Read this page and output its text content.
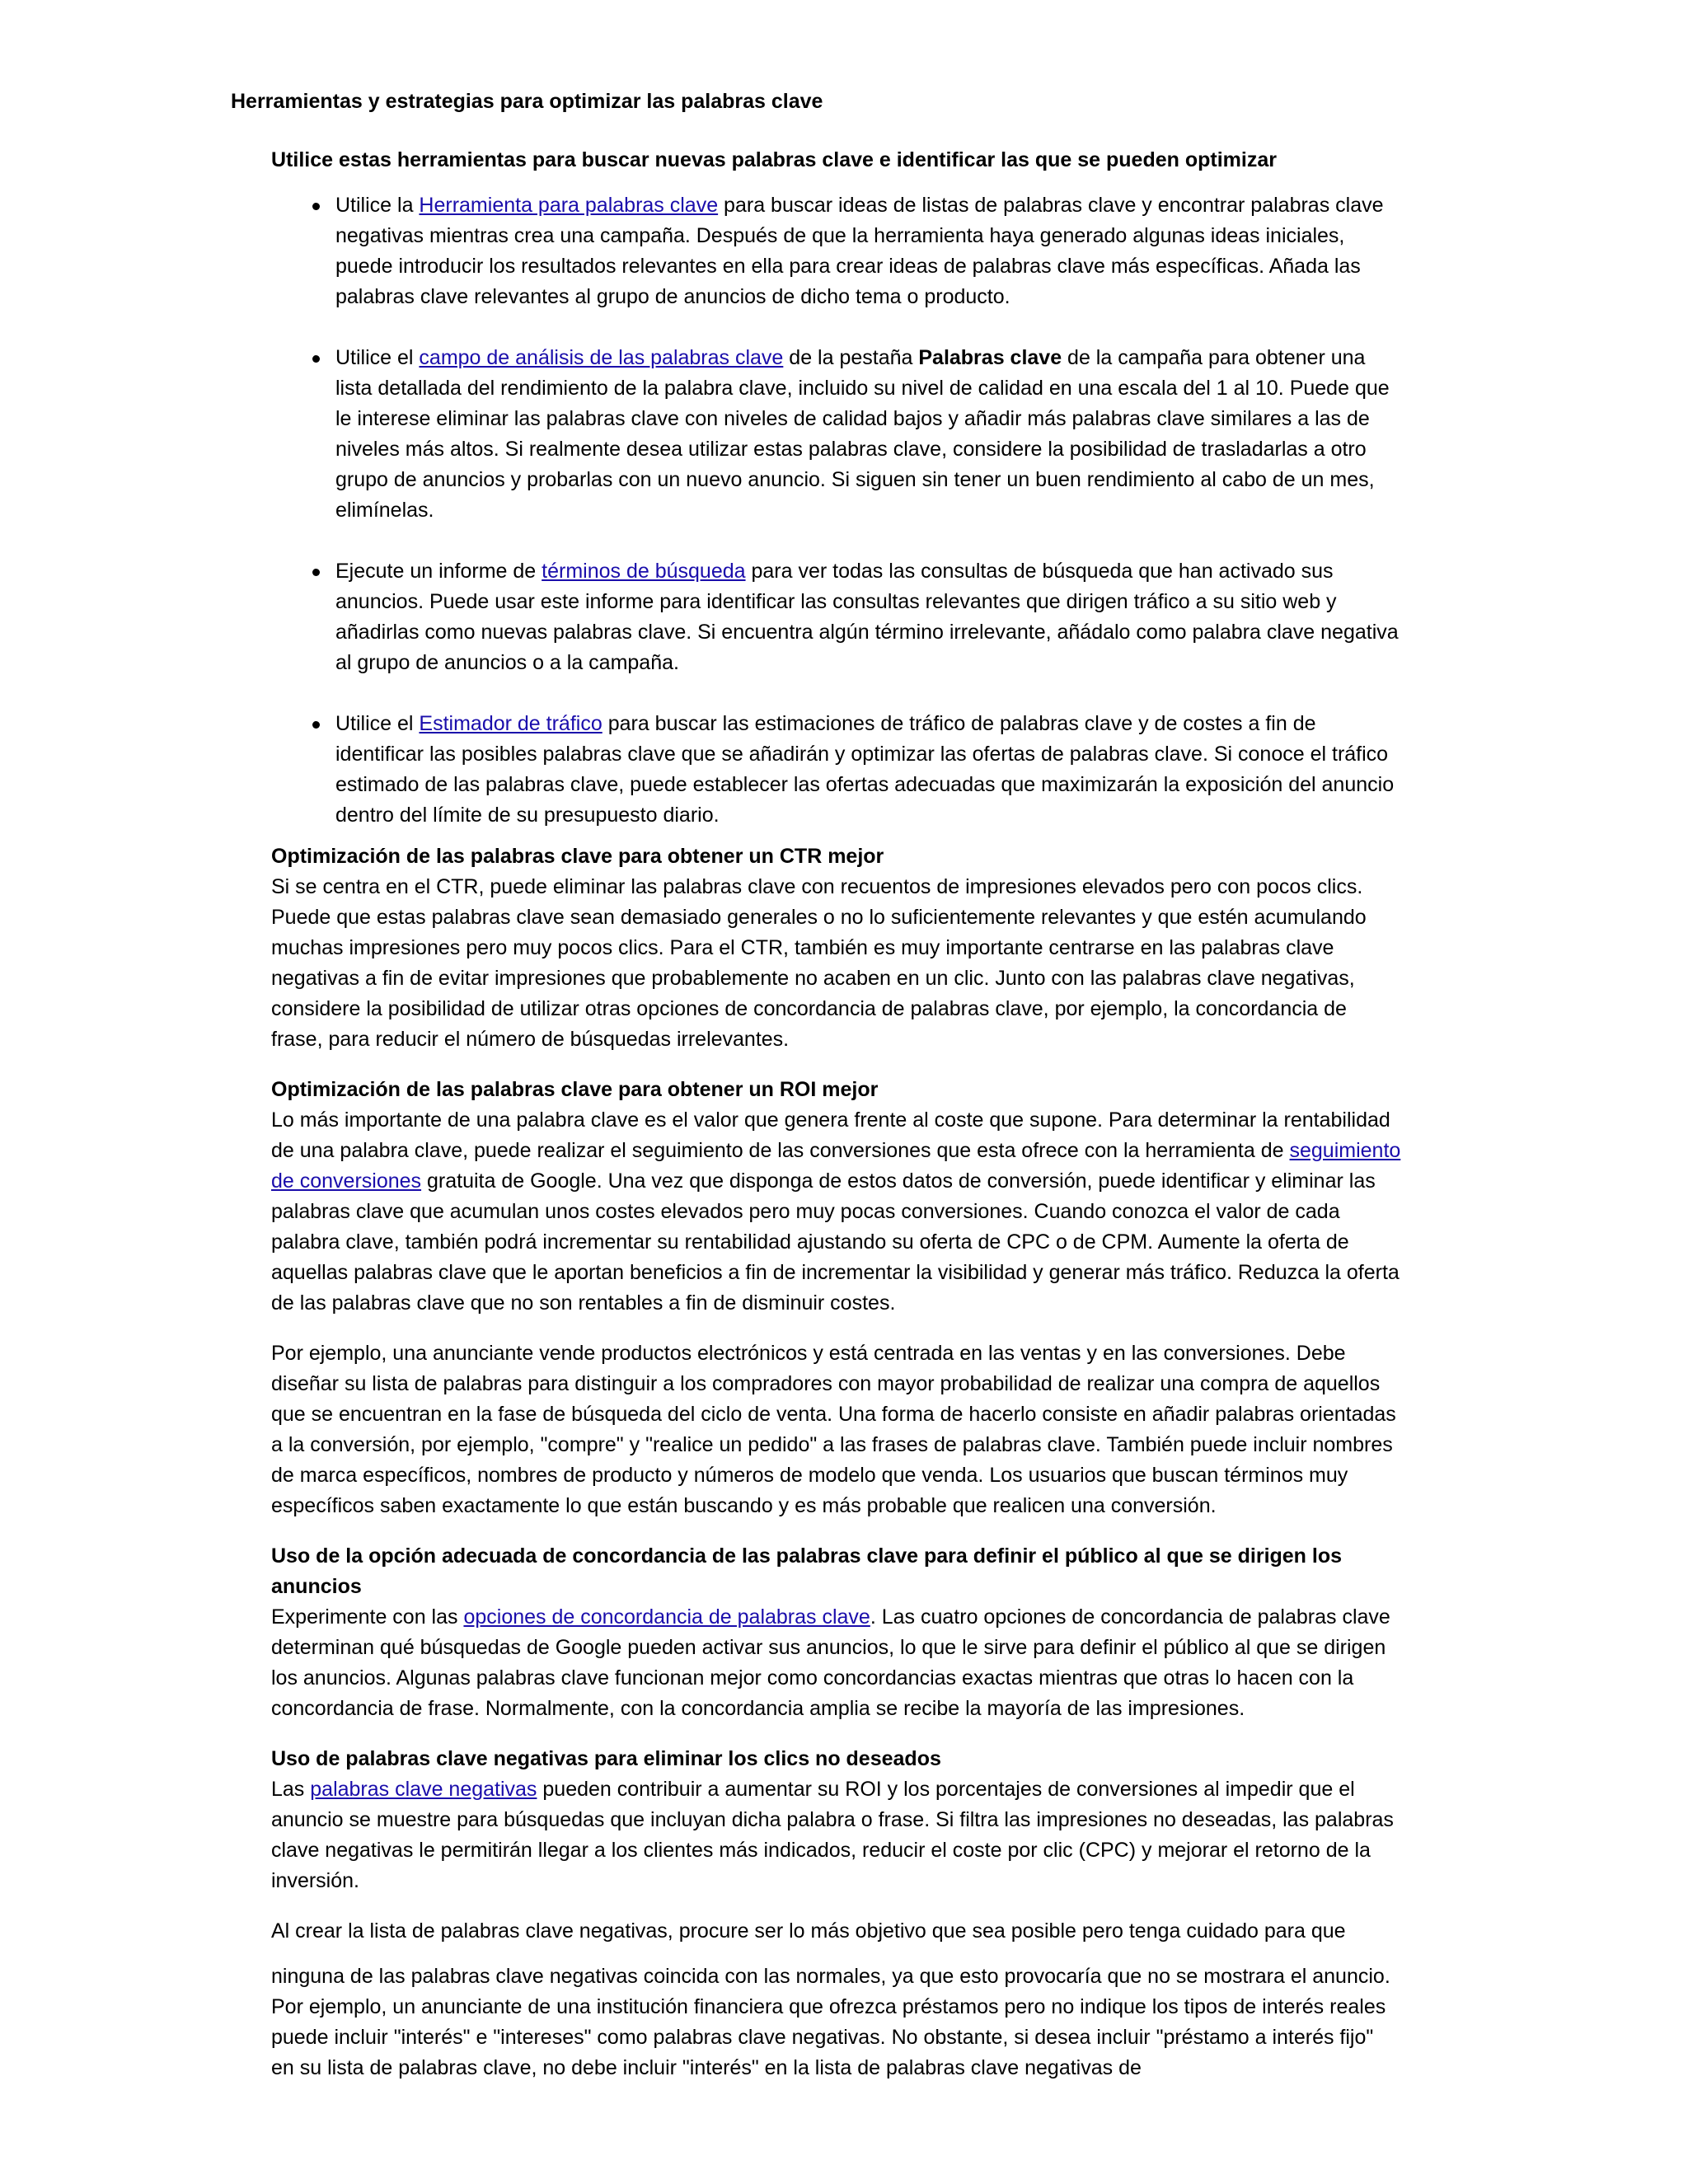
Herramientas y estrategias para optimizar las palabras clave
Utilice estas herramientas para buscar nuevas palabras clave e identificar las que se pueden optimizar
Utilice la Herramienta para palabras clave para buscar ideas de listas de palabras clave y encontrar palabras clave negativas mientras crea una campaña. Después de que la herramienta haya generado algunas ideas iniciales, puede introducir los resultados relevantes en ella para crear ideas de palabras clave más específicas. Añada las palabras clave relevantes al grupo de anuncios de dicho tema o producto.
Utilice el campo de análisis de las palabras clave de la pestaña Palabras clave de la campaña para obtener una lista detallada del rendimiento de la palabra clave, incluido su nivel de calidad en una escala del 1 al 10. Puede que le interese eliminar las palabras clave con niveles de calidad bajos y añadir más palabras clave similares a las de niveles más altos. Si realmente desea utilizar estas palabras clave, considere la posibilidad de trasladarlas a otro grupo de anuncios y probarlas con un nuevo anuncio. Si siguen sin tener un buen rendimiento al cabo de un mes, elimínelas.
Ejecute un informe de términos de búsqueda para ver todas las consultas de búsqueda que han activado sus anuncios. Puede usar este informe para identificar las consultas relevantes que dirigen tráfico a su sitio web y añadirlas como nuevas palabras clave. Si encuentra algún término irrelevante, añádalo como palabra clave negativa al grupo de anuncios o a la campaña.
Utilice el Estimador de tráfico para buscar las estimaciones de tráfico de palabras clave y de costes a fin de identificar las posibles palabras clave que se añadirán y optimizar las ofertas de palabras clave. Si conoce el tráfico estimado de las palabras clave, puede establecer las ofertas adecuadas que maximizarán la exposición del anuncio dentro del límite de su presupuesto diario.
Optimización de las palabras clave para obtener un CTR mejor

Si se centra en el CTR, puede eliminar las palabras clave con recuentos de impresiones elevados pero con pocos clics. Puede que estas palabras clave sean demasiado generales o no lo suficientemente relevantes y que estén acumulando muchas impresiones pero muy pocos clics. Para el CTR, también es muy importante centrarse en las palabras clave negativas a fin de evitar impresiones que probablemente no acaben en un clic. Junto con las palabras clave negativas, considere la posibilidad de utilizar otras opciones de concordancia de palabras clave, por ejemplo, la concordancia de frase, para reducir el número de búsquedas irrelevantes.

Optimización de las palabras clave para obtener un ROI mejor

Lo más importante de una palabra clave es el valor que genera frente al coste que supone. Para determinar la rentabilidad de una palabra clave, puede realizar el seguimiento de las conversiones que esta ofrece con la herramienta de seguimiento de conversiones gratuita de Google. Una vez que disponga de estos datos de conversión, puede identificar y eliminar las palabras clave que acumulan unos costes elevados pero muy pocas conversiones. Cuando conozca el valor de cada palabra clave, también podrá incrementar su rentabilidad ajustando su oferta de CPC o de CPM. Aumente la oferta de aquellas palabras clave que le aportan beneficios a fin de incrementar la visibilidad y generar más tráfico. Reduzca la oferta de las palabras clave que no son rentables a fin de disminuir costes.

Por ejemplo, una anunciante vende productos electrónicos y está centrada en las ventas y en las conversiones. Debe diseñar su lista de palabras para distinguir a los compradores con mayor probabilidad de realizar una compra de aquellos que se encuentran en la fase de búsqueda del ciclo de venta. Una forma de hacerlo consiste en añadir palabras orientadas a la conversión, por ejemplo, "compre" y "realice un pedido" a las frases de palabras clave. También puede incluir nombres de marca específicos, nombres de producto y números de modelo que venda. Los usuarios que buscan términos muy específicos saben exactamente lo que están buscando y es más probable que realicen una conversión.

Uso de la opción adecuada de concordancia de las palabras clave para definir el público al que se dirigen los anuncios

Experimente con las opciones de concordancia de palabras clave. Las cuatro opciones de concordancia de palabras clave determinan qué búsquedas de Google pueden activar sus anuncios, lo que le sirve para definir el público al que se dirigen los anuncios. Algunas palabras clave funcionan mejor como concordancias exactas mientras que otras lo hacen con la concordancia de frase. Normalmente, con la concordancia amplia se recibe la mayoría de las impresiones.

Uso de palabras clave negativas para eliminar los clics no deseados

Las palabras clave negativas pueden contribuir a aumentar su ROI y los porcentajes de conversiones al impedir que el anuncio se muestre para búsquedas que incluyan dicha palabra o frase. Si filtra las impresiones no deseadas, las palabras clave negativas le permitirán llegar a los clientes más indicados, reducir el coste por clic (CPC) y mejorar el retorno de la inversión.

Al crear la lista de palabras clave negativas, procure ser lo más objetivo que sea posible pero tenga cuidado para que

ninguna de las palabras clave negativas coincida con las normales, ya que esto provocaría que no se mostrara el anuncio. Por ejemplo, un anunciante de una institución financiera que ofrezca préstamos pero no indique los tipos de interés reales puede incluir "interés" e "intereses" como palabras clave negativas. No obstante, si desea incluir "préstamo a interés fijo" en su lista de palabras clave, no debe incluir "interés" en la lista de palabras clave negativas de
